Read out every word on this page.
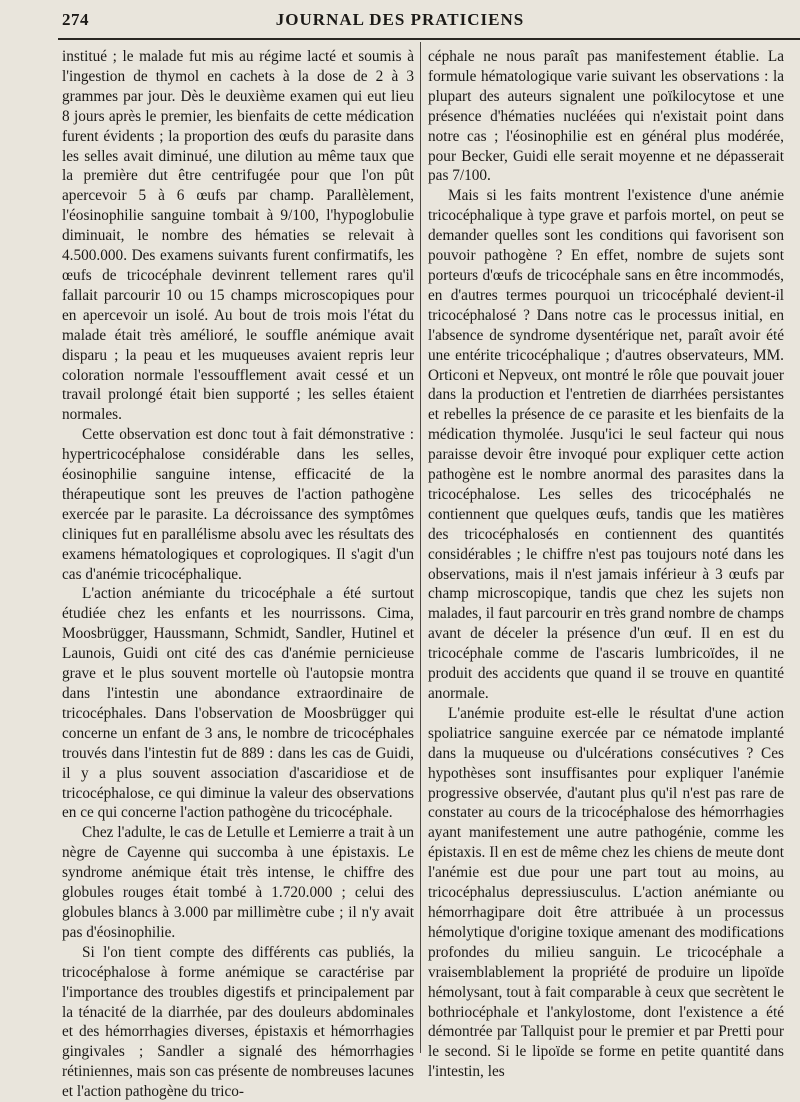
274	JOURNAL DES PRATICIENS

institué ; le malade fut mis au régime lacté et soumis à l'ingestion de thymol en cachets à la dose de 2 à 3 grammes par jour. Dès le deuxième examen qui eut lieu 8 jours après le premier, les bienfaits de cette médication furent évidents ; la proportion des œufs du parasite dans les selles avait diminué, une dilution au même taux que la première dut être centrifugée pour que l'on pût apercevoir 5 à 6 œufs par champ. Parallèlement, l'éosinophilie sanguine tombait à 9/100, l'hypoglobulie diminuait, le nombre des hématies se relevait à 4.500.000. Des examens suivants furent confirmatifs, les œufs de tricocéphale devinrent tellement rares qu'il fallait parcourir 10 ou 15 champs microscopiques pour en apercevoir un isolé. Au bout de trois mois l'état du malade était très amélioré, le souffle anémique avait disparu ; la peau et les muqueuses avaient repris leur coloration normale l'essoufflement avait cessé et un travail prolongé était bien supporté ; les selles étaient normales.

Cette observation est donc tout à fait démonstrative : hypertricocéphalose considérable dans les selles, éosinophilie sanguine intense, efficacité de la thérapeutique sont les preuves de l'action pathogène exercée par le parasite. La décroissance des symptômes cliniques fut en parallélisme absolu avec les résultats des examens hématologiques et coprologiques. Il s'agit d'un cas d'anémie tricocéphalique.

L'action anémiante du tricocéphale a été surtout étudiée chez les enfants et les nourrissons. Cima, Moosbrügger, Haussmann, Schmidt, Sandler, Hutinel et Launois, Guidi ont cité des cas d'anémie pernicieuse grave et le plus souvent mortelle où l'autopsie montra dans l'intestin une abondance extraordinaire de tricocéphales. Dans l'observation de Moosbrügger qui concerne un enfant de 3 ans, le nombre de tricocéphales trouvés dans l'intestin fut de 889 : dans les cas de Guidi, il y a plus souvent association d'ascaridiose et de tricocéphalose, ce qui diminue la valeur des observations en ce qui concerne l'action pathogène du tricocéphale.

Chez l'adulte, le cas de Letulle et Lemierre a trait à un nègre de Cayenne qui succomba à une épistaxis. Le syndrome anémique était très intense, le chiffre des globules rouges était tombé à 1.720.000 ; celui des globules blancs à 3.000 par millimètre cube ; il n'y avait pas d'éosinophilie.

Si l'on tient compte des différents cas publiés, la tricocéphalose à forme anémique se caractérise par l'importance des troubles digestifs et principalement par la ténacité de la diarrhée, par des douleurs abdominales et des hémorrhagies diverses, épistaxis et hémorrhagies gingivales ; Sandler a signalé des hémorrhagies rétiniennes, mais son cas présente de nombreuses lacunes et l'action pathogène du trico-

céphale ne nous paraît pas manifestement établie. La formule hématologique varie suivant les observations : la plupart des auteurs signalent une poïkilocytose et une présence d'hématies nucléées qui n'existait point dans notre cas ; l'éosinophilie est en général plus modérée, pour Becker, Guidi elle serait moyenne et ne dépasserait pas 7/100.

Mais si les faits montrent l'existence d'une anémie tricocéphalique à type grave et parfois mortel, on peut se demander quelles sont les conditions qui favorisent son pouvoir pathogène ? En effet, nombre de sujets sont porteurs d'œufs de tricocéphale sans en être incommodés, en d'autres termes pourquoi un tricocéphalé devient-il tricocéphalosé ? Dans notre cas le processus initial, en l'absence de syndrome dysentérique net, paraît avoir été une entérite tricocéphalique ; d'autres observateurs, MM. Orticoni et Nepveux, ont montré le rôle que pouvait jouer dans la production et l'entretien de diarrhées persistantes et rebelles la présence de ce parasite et les bienfaits de la médication thymolée. Jusqu'ici le seul facteur qui nous paraisse devoir être invoqué pour expliquer cette action pathogène est le nombre anormal des parasites dans la tricocéphalose. Les selles des tricocéphalés ne contiennent que quelques œufs, tandis que les matières des tricocéphalosés en contiennent des quantités considérables ; le chiffre n'est pas toujours noté dans les observations, mais il n'est jamais inférieur à 3 œufs par champ microscopique, tandis que chez les sujets non malades, il faut parcourir en très grand nombre de champs avant de déceler la présence d'un œuf. Il en est du tricocéphale comme de l'ascaris lumbricoïdes, il ne produit des accidents que quand il se trouve en quantité anormale.

L'anémie produite est-elle le résultat d'une action spoliatrice sanguine exercée par ce nématode implanté dans la muqueuse ou d'ulcérations consécutives ? Ces hypothèses sont insuffisantes pour expliquer l'anémie progressive observée, d'autant plus qu'il n'est pas rare de constater au cours de la tricocéphalose des hémorrhagies ayant manifestement une autre pathogénie, comme les épistaxis. Il en est de même chez les chiens de meute dont l'anémie est due pour une part tout au moins, au tricocéphalus depressiusculus. L'action anémiante ou hémorrhagipare doit être attribuée à un processus hémolytique d'origine toxique amenant des modifications profondes du milieu sanguin. Le tricocéphale a vraisemblablement la propriété de produire un lipoïde hémolysant, tout à fait comparable à ceux que secrètent le bothriocéphale et l'ankylostome, dont l'existence a été démontrée par Tallquist pour le premier et par Pretti pour le second. Si le lipoïde se forme en petite quantité dans l'intestin, les
